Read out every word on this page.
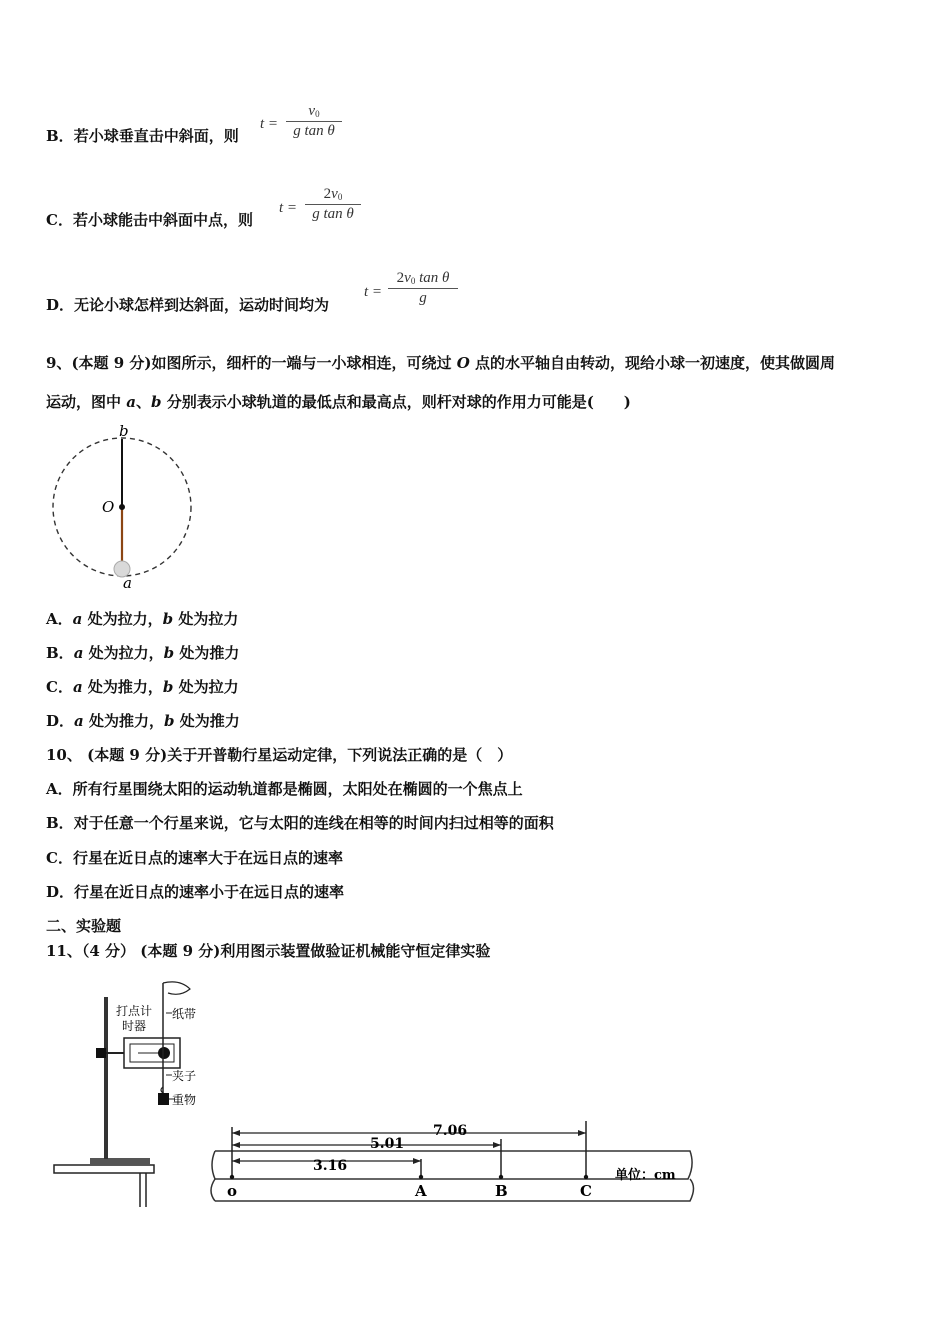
B．若小球垂直击中斜面，则
t =
$v_0$
g tan θ
C．若小球能击中斜面中点，则
t =
$2v_0$
g tan θ
D．无论小球怎样到达斜面，运动时间均为
t =
$2v_0$ tan θ
g
9、(本题 9 分)如图所示，细杆的一端与一小球相连，可绕过 O 点的水平轴自由转动，现给小球一初速度，使其做圆周
运动，图中 a、b 分别表示小球轨道的最低点和最高点，则杆对球的作用力可能是(　　)
b
O
a
A．a 处为拉力，b 处为拉力
B．a 处为拉力，b 处为推力
C．a 处为推力，b 处为拉力
D．a 处为推力，b 处为推力
10、 (本题 9 分)关于开普勒行星运动定律，下列说法正确的是（　）
A．所有行星围绕太阳的运动轨道都是椭圆，太阳处在椭圆的一个焦点上
B．对于任意一个行星来说，它与太阳的连线在相等的时间内扫过相等的面积
C．行星在近日点的速率大于在远日点的速率
D．行星在近日点的速率小于在远日点的速率
二、实验题
11、（4 分） (本题 9 分)利用图示装置做验证机械能守恒定律实验
打点计
时器
纸带
夹子
重物
7.06
5.01
3.16
o	A	B	C
单位：cm
